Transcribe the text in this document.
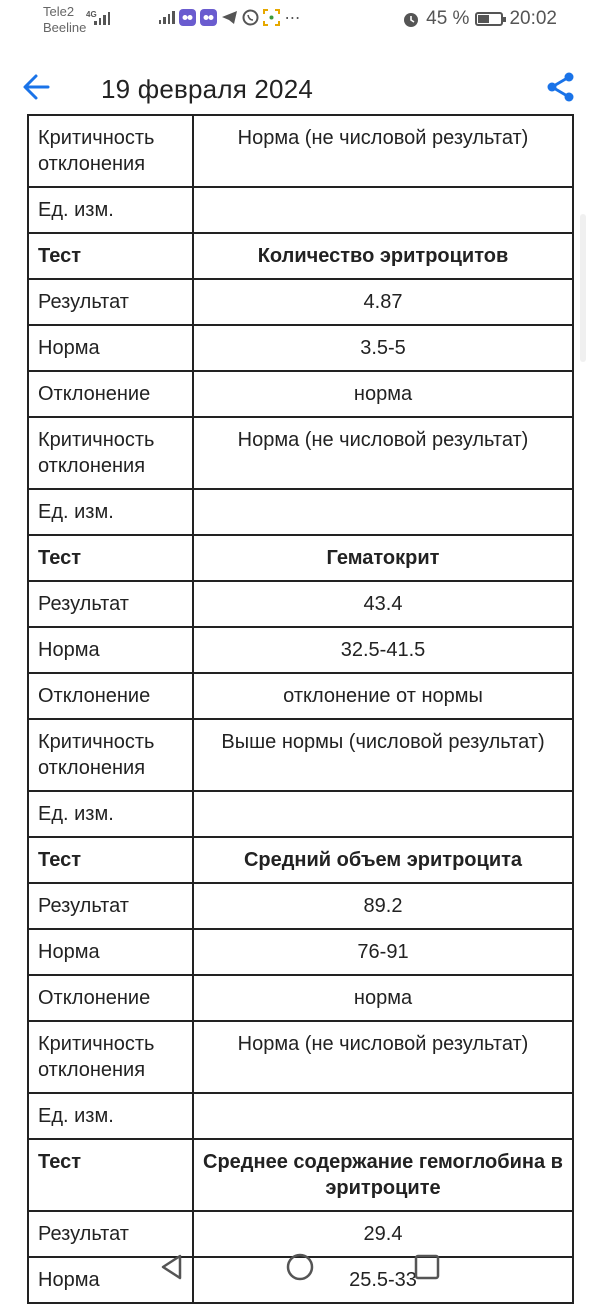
Tele2
Beeline
4G	⋯	45 % 20:02
19 февраля 2024
Критичность отклонения	Норма (не числовой результат)
Ед. изм.	
Тест	Количество эритроцитов
Результат	4.87
Норма	3.5-5
Отклонение	норма
Критичность отклонения	Норма (не числовой результат)
Ед. изм.	
Тест	Гематокрит
Результат	43.4
Норма	32.5-41.5
Отклонение	отклонение от нормы
Критичность отклонения	Выше нормы (числовой результат)
Ед. изм.	
Тест	Средний объем эритроцита
Результат	89.2
Норма	76-91
Отклонение	норма
Критичность отклонения	Норма (не числовой результат)
Ед. изм.	
Тест	Среднее содержание гемоглобина в эритроците
Результат	29.4
Норма	25.5-33
